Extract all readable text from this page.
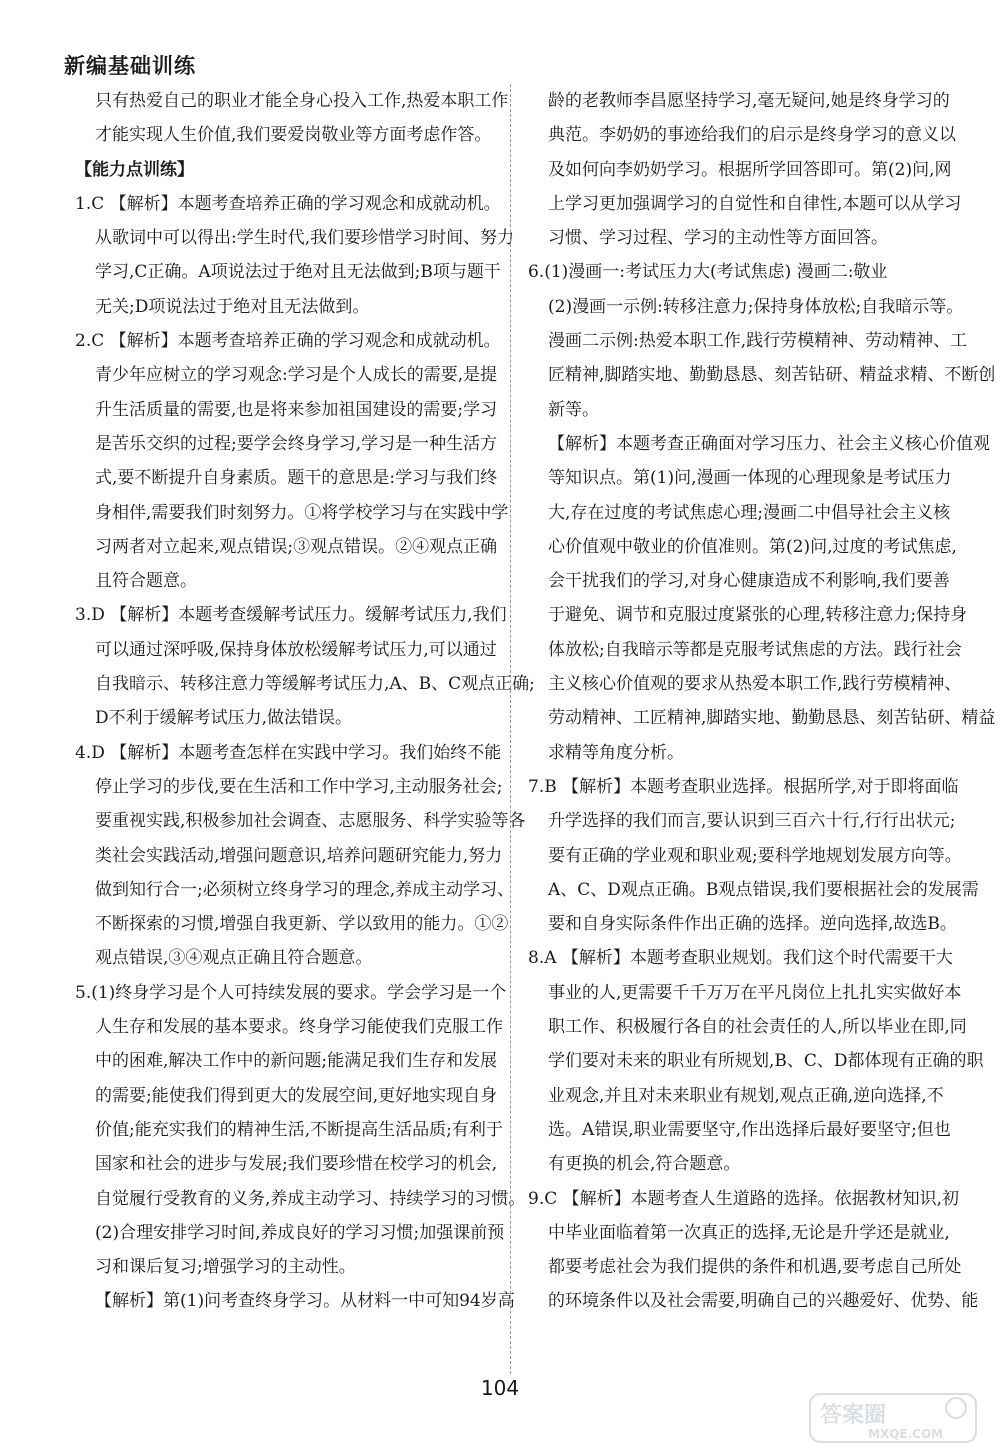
新编基础训练
只有热爱自己的职业才能全身心投入工作,热爱本职工作
才能实现人生价值,我们要爱岗敬业等方面考虑作答。
【能力点训练】
1.C 【解析】本题考查培养正确的学习观念和成就动机。
从歌词中可以得出:学生时代,我们要珍惜学习时间、努力
学习,C正确。A项说法过于绝对且无法做到;B项与题干
无关;D项说法过于绝对且无法做到。
2.C 【解析】本题考查培养正确的学习观念和成就动机。
青少年应树立的学习观念:学习是个人成长的需要,是提
升生活质量的需要,也是将来参加祖国建设的需要;学习
是苦乐交织的过程;要学会终身学习,学习是一种生活方
式,要不断提升自身素质。题干的意思是:学习与我们终
身相伴,需要我们时刻努力。①将学校学习与在实践中学
习两者对立起来,观点错误;③观点错误。②④观点正确
且符合题意。
3.D 【解析】本题考查缓解考试压力。缓解考试压力,我们
可以通过深呼吸,保持身体放松缓解考试压力,可以通过
自我暗示、转移注意力等缓解考试压力,A、B、C观点正确;
D不利于缓解考试压力,做法错误。
4.D 【解析】本题考查怎样在实践中学习。我们始终不能
停止学习的步伐,要在生活和工作中学习,主动服务社会;
要重视实践,积极参加社会调查、志愿服务、科学实验等各
类社会实践活动,增强问题意识,培养问题研究能力,努力
做到知行合一;必须树立终身学习的理念,养成主动学习、
不断探索的习惯,增强自我更新、学以致用的能力。①②
观点错误,③④观点正确且符合题意。
5.(1)终身学习是个人可持续发展的要求。学会学习是一个
人生存和发展的基本要求。终身学习能使我们克服工作
中的困难,解决工作中的新问题;能满足我们生存和发展
的需要;能使我们得到更大的发展空间,更好地实现自身
价值;能充实我们的精神生活,不断提高生活品质;有利于
国家和社会的进步与发展;我们要珍惜在校学习的机会,
自觉履行受教育的义务,养成主动学习、持续学习的习惯。
(2)合理安排学习时间,养成良好的学习习惯;加强课前预
习和课后复习;增强学习的主动性。
【解析】第(1)问考查终身学习。从材料一中可知94岁高
龄的老教师李昌愿坚持学习,毫无疑问,她是终身学习的
典范。李奶奶的事迹给我们的启示是终身学习的意义以
及如何向李奶奶学习。根据所学回答即可。第(2)问,网
上学习更加强调学习的自觉性和自律性,本题可以从学习
习惯、学习过程、学习的主动性等方面回答。
6.(1)漫画一:考试压力大(考试焦虑) 漫画二:敬业
(2)漫画一示例:转移注意力;保持身体放松;自我暗示等。
漫画二示例:热爱本职工作,践行劳模精神、劳动精神、工
匠精神,脚踏实地、勤勤恳恳、刻苦钻研、精益求精、不断创
新等。
【解析】本题考查正确面对学习压力、社会主义核心价值观
等知识点。第(1)问,漫画一体现的心理现象是考试压力
大,存在过度的考试焦虑心理;漫画二中倡导社会主义核
心价值观中敬业的价值准则。第(2)问,过度的考试焦虑,
会干扰我们的学习,对身心健康造成不利影响,我们要善
于避免、调节和克服过度紧张的心理,转移注意力;保持身
体放松;自我暗示等都是克服考试焦虑的方法。践行社会
主义核心价值观的要求从热爱本职工作,践行劳模精神、
劳动精神、工匠精神,脚踏实地、勤勤恳恳、刻苦钻研、精益
求精等角度分析。
7.B 【解析】本题考查职业选择。根据所学,对于即将面临
升学选择的我们而言,要认识到三百六十行,行行出状元;
要有正确的学业观和职业观;要科学地规划发展方向等。
A、C、D观点正确。B观点错误,我们要根据社会的发展需
要和自身实际条件作出正确的选择。逆向选择,故选B。
8.A 【解析】本题考查职业规划。我们这个时代需要干大
事业的人,更需要千千万万在平凡岗位上扎扎实实做好本
职工作、积极履行各自的社会责任的人,所以毕业在即,同
学们要对未来的职业有所规划,B、C、D都体现有正确的职
业观念,并且对未来职业有规划,观点正确,逆向选择,不
选。A错误,职业需要坚守,作出选择后最好要坚守;但也
有更换的机会,符合题意。
9.C 【解析】本题考查人生道路的选择。依据教材知识,初
中毕业面临着第一次真正的选择,无论是升学还是就业,
都要考虑社会为我们提供的条件和机遇,要考虑自己所处
的环境条件以及社会需要,明确自己的兴趣爱好、优势、能
104
答案圈
MXQE.COM
